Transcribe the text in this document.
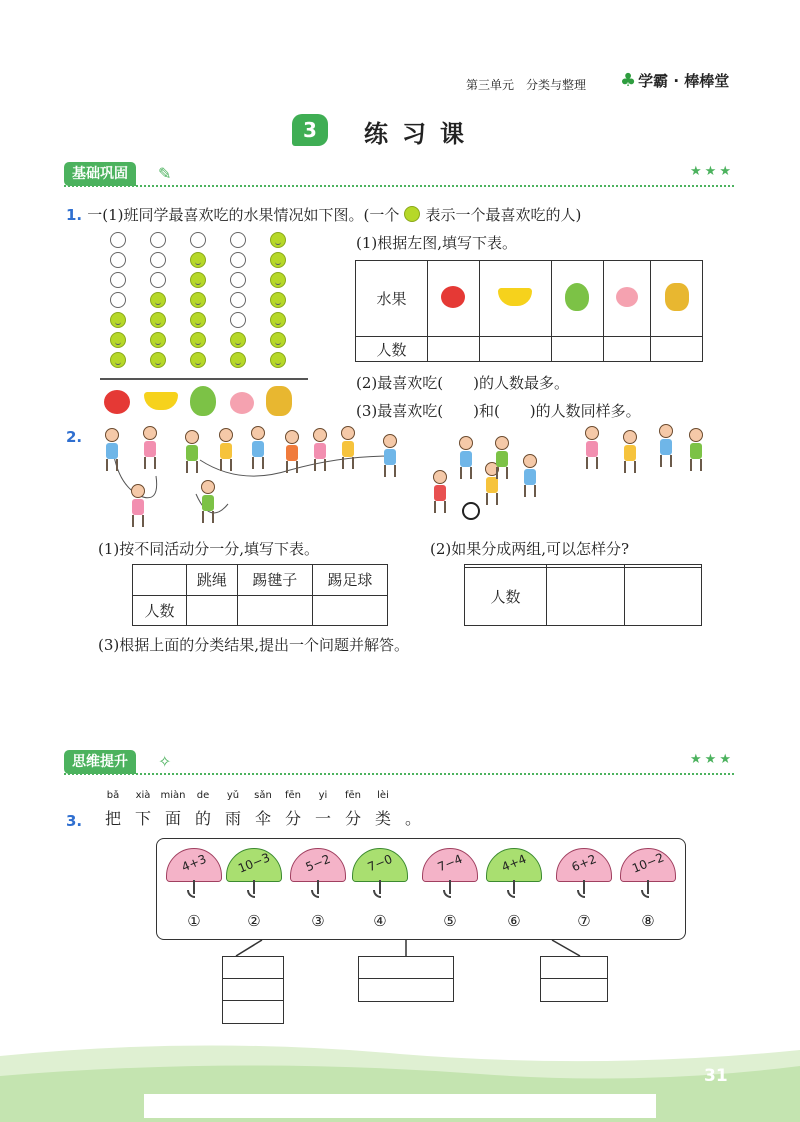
第三单元　分类与整理 ♣ 学霸 · 棒棒堂
3	练习课
基础巩固	✎	★★★
1. 一(1)班同学最喜欢吃的水果情况如下图。(一个 表示一个最喜欢吃的人)
(1)根据左图,填写下表。
水果					
人数					
(2)最喜欢吃(　　)的人数最多。
(3)最喜欢吃(　　)和(　　)的人数同样多。
2.
(1)按不同活动分一分,填写下表。	(2)如果分成两组,可以怎样分?
	跳绳	踢毽子	踢足球
人数			

人数		
(3)根据上面的分类结果,提出一个问题并解答。
思维提升	✧	★★★
3.
bǎ
把
xià
下
miàn
面
de
的
yǔ
雨
sǎn
伞
fēn
分
yi
一
fēn
分
lèi
类 。
4+3
①
10−3
②
5−2
③
7−0
④
7−4
⑤
4+4
⑥
6+2
⑦
10−2
⑧
31
